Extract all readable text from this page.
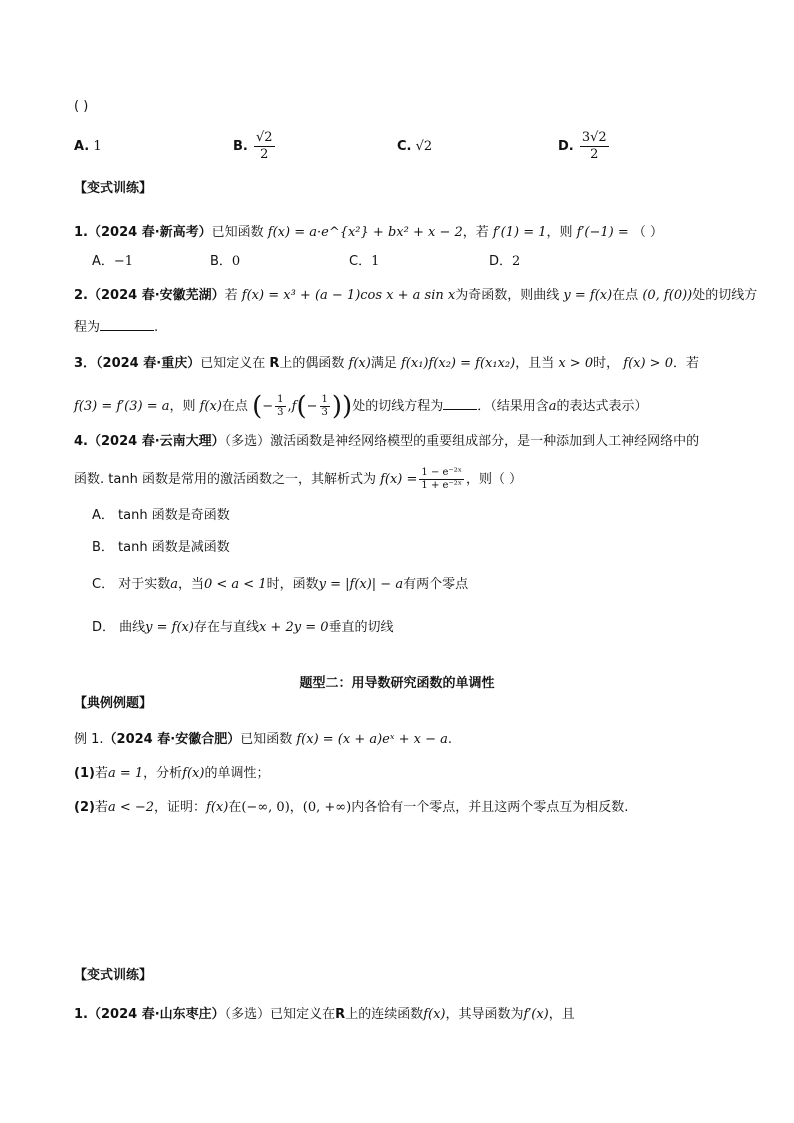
( )
A. 1	B. $\frac{√2}{2}$	C. √2	D. $\frac{3√2}{2}$
【变式训练】
1.（2024 春·新高考）已知函数 f(x) = a·e^{x²} + bx² + x − 2，若 f′(1) = 1，则 f′(−1) = （ ）
A．−1	B．0	C．1	D．2
2.（2024 春·安徽芜湖）若 f(x) = x³ + (a − 1)cos x + a sin x为奇函数，则曲线 y = f(x)在点 (0, f(0))处的切线方
程为	.
3．（2024 春·重庆）已知定义在 R上的偶函数 f(x)满足 f(x₁)f(x₂) = f(x₁x₂)，且当 x > 0时， f(x) > 0．若
f(3) = f′(3) = a，则 f(x)在点 (− $\frac{1}{3} ,f(- \frac{1}{3}$ ))处的切线方程为	．（结果用含a的表达式表示）
4.（2024 春·云南大理）（多选）激活函数是神经网络模型的重要组成部分，是一种添加到人工神经网络中的
函数. tanh 函数是常用的激活函数之一，其解析式为 $f(x) = \frac{\text{1 − e⁻²ˣ}}{\text{1 + e⁻²ˣ}}$ ，则（ ）
A． tanh 函数是奇函数
B． tanh 函数是减函数
C． 对于实数a，当0 < a < 1时，函数y = |f(x)| − a有两个零点
D． 曲线y = f(x)存在与直线x + 2y = 0垂直的切线
题型二：用导数研究函数的单调性
【典例例题】
例 1.（2024 春·安徽合肥）已知函数 f(x) = (x + a)eˣ + x − a.
(1)若a = 1，分析f(x)的单调性；
(2)若a < −2，证明：f(x)在(−∞, 0)，(0, +∞)内各恰有一个零点，并且这两个零点互为相反数.
【变式训练】
1.（2024 春·山东枣庄）（多选）已知定义在R上的连续函数f(x)，其导函数为f′(x)，且
